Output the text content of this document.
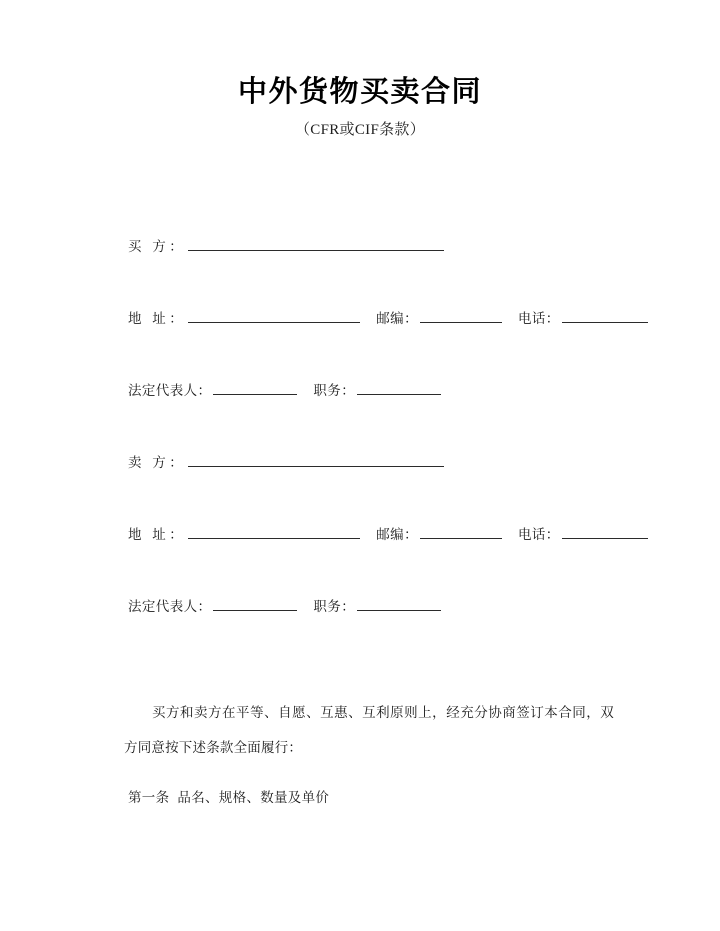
中外货物买卖合同
（CFR或CIF条款）
买 方：
地 址：	邮编：	电话：
法定代表人：	职务：
卖 方：
地 址：	邮编：	电话：
法定代表人：	职务：

买方和卖方在平等、自愿、互惠、互利原则上，经充分协商签订本合同，双方同意按下述条款全面履行：

第一条 品名、规格、数量及单价
